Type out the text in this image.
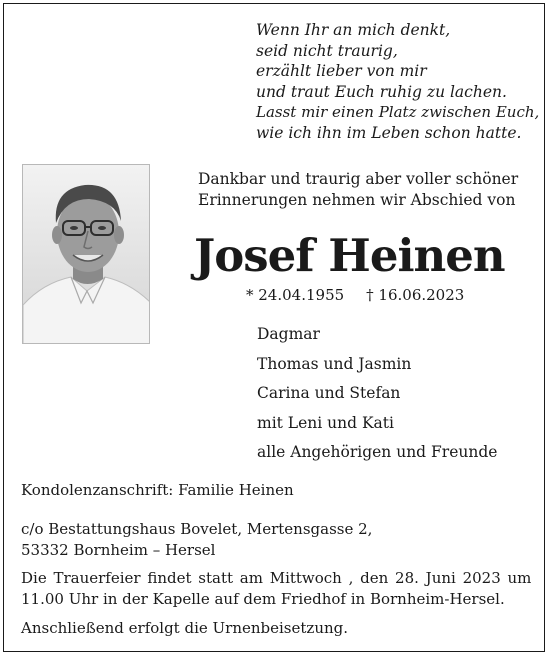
Wenn Ihr an mich denkt,
seid nicht traurig,
erzählt lieber von mir
und traut Euch ruhig zu lachen.
Lasst mir einen Platz zwischen Euch,
wie ich ihn im Leben schon hatte.
Dankbar und traurig aber voller schöner
Erinnerungen nehmen wir Abschied von
Josef Heinen
* 24.04.1955 † 16.06.2023
Dagmar
Thomas und Jasmin
Carina und Stefan
mit Leni und Kati
alle Angehörigen und Freunde
Kondolenzanschrift: Familie Heinen
c/o Bestattungshaus Bovelet, Mertensgasse 2,
53332 Bornheim – Hersel
Die Trauerfeier findet statt am Mittwoch , den 28. Juni 2023 um
11.00 Uhr in der Kapelle auf dem Friedhof in Bornheim-Hersel.
Anschließend erfolgt die Urnenbeisetzung.
